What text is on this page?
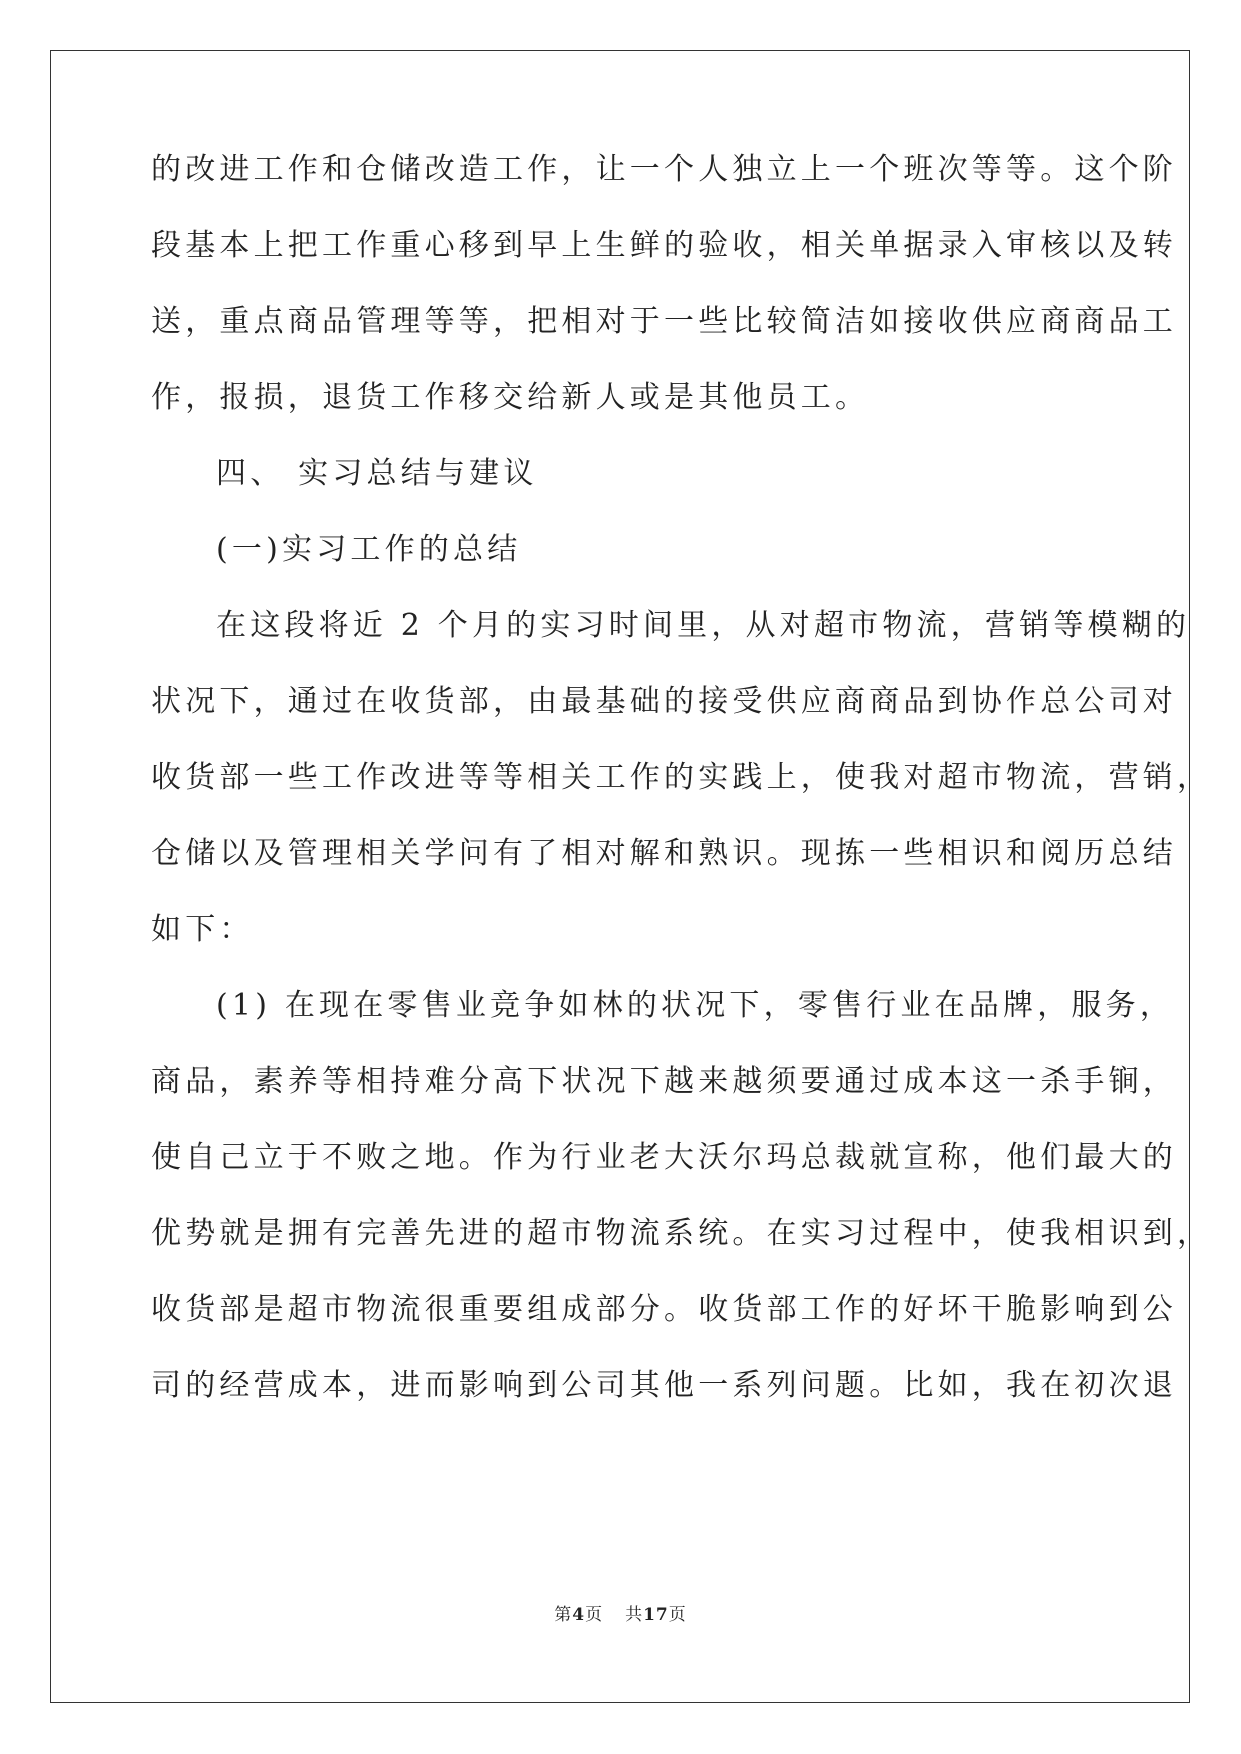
的改进工作和仓储改造工作，让一个人独立上一个班次等等。这个阶
段基本上把工作重心移到早上生鲜的验收，相关单据录入审核以及转
送，重点商品管理等等，把相对于一些比较简洁如接收供应商商品工
作，报损，退货工作移交给新人或是其他员工。
四、 实习总结与建议
(一)实习工作的总结
在这段将近 2 个月的实习时间里，从对超市物流，营销等模糊的
状况下，通过在收货部，由最基础的接受供应商商品到协作总公司对
收货部一些工作改进等等相关工作的实践上，使我对超市物流，营销，
仓储以及管理相关学问有了相对解和熟识。现拣一些相识和阅历总结
如下：
(1) 在现在零售业竞争如林的状况下，零售行业在品牌，服务，
商品，素养等相持难分高下状况下越来越须要通过成本这一杀手锏，
使自己立于不败之地。作为行业老大沃尔玛总裁就宣称，他们最大的
优势就是拥有完善先进的超市物流系统。在实习过程中，使我相识到，
收货部是超市物流很重要组成部分。收货部工作的好坏干脆影响到公
司的经营成本，进而影响到公司其他一系列问题。比如，我在初次退
第4页 共17页
